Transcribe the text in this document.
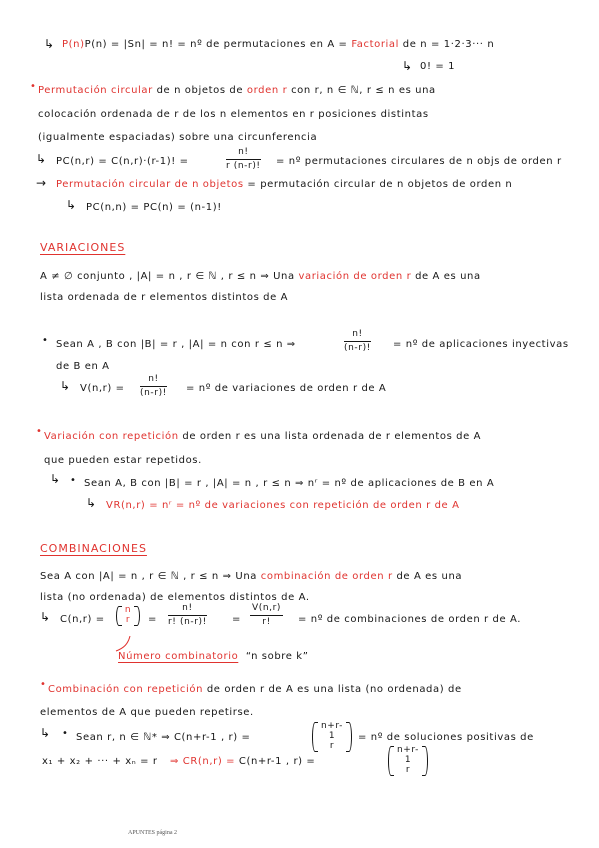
↳ P(n)P(n) = |Sn| = n! = nº de permutaciones en A = Factorial de n = 1·2·3··· n
↳ 0! = 1
• Permutación circular de n objetos de orden r con r, n ∈ ℕ, r ≤ n es una
colocación ordenada de r de los n elementos en r posiciones distintas
(igualmente espaciadas) sobre una circunferencia
↳ PC(n,r) = C(n,r)·(r-1)! =	$\frac{n!}{r (n-r)!}$ = nº permutaciones circulares de n objs de orden r
→ Permutación circular de n objetos = permutación circular de n objetos de orden n
↳ PC(n,n) = PC(n) = (n-1)!
VARIACIONES
A ≠ ∅ conjunto , |A| = n , r ∈ ℕ , r ≤ n ⇒ Una variación de orden r de A es una
lista ordenada de r elementos distintos de A
• Sean A , B con |B| = r , |A| = n con r ≤ n ⇒	$\frac{n!}{(n-r)!}$ = nº de aplicaciones inyectivas
de B en A
↳ $V(n,r) = \frac{n!}{(n-r)!}$ = nº de variaciones de orden r de A
• Variación con repetición de orden r es una lista ordenada de r elementos de A
que pueden estar repetidos.
↳ • Sean A, B con |B| = r , |A| = n , r ≤ n ⇒ nʳ = nº de aplicaciones de B en A
↳ VR(n,r) = nʳ = nº de variaciones con repetición de orden r de A
COMBINACIONES
Sea A con |A| = n , r ∈ ℕ , r ≤ n ⇒ Una combinación de orden r de A es una
lista (no ordenada) de elementos distintos de A.
↳ C(n,r) =
n
r	= $\frac{n!}{r! (n-r)!}$	= $\frac{V(n,r)}{r!}$ = nº de combinaciones de orden r de A.
Número combinatorio “n sobre k”
• Combinación con repetición de orden r de A es una lista (no ordenada) de
elementos de A que pueden repetirse.
↳ • Sean r, n ∈ ℕ* ⇒ C(n+r-1 , r) =
n+r-1
r
= nº de soluciones positivas de
x₁ + x₂ + ··· + xₙ = r ⇒ CR(n,r) = C(n+r-1 , r) =
n+r-1
r
APUNTES página 2
